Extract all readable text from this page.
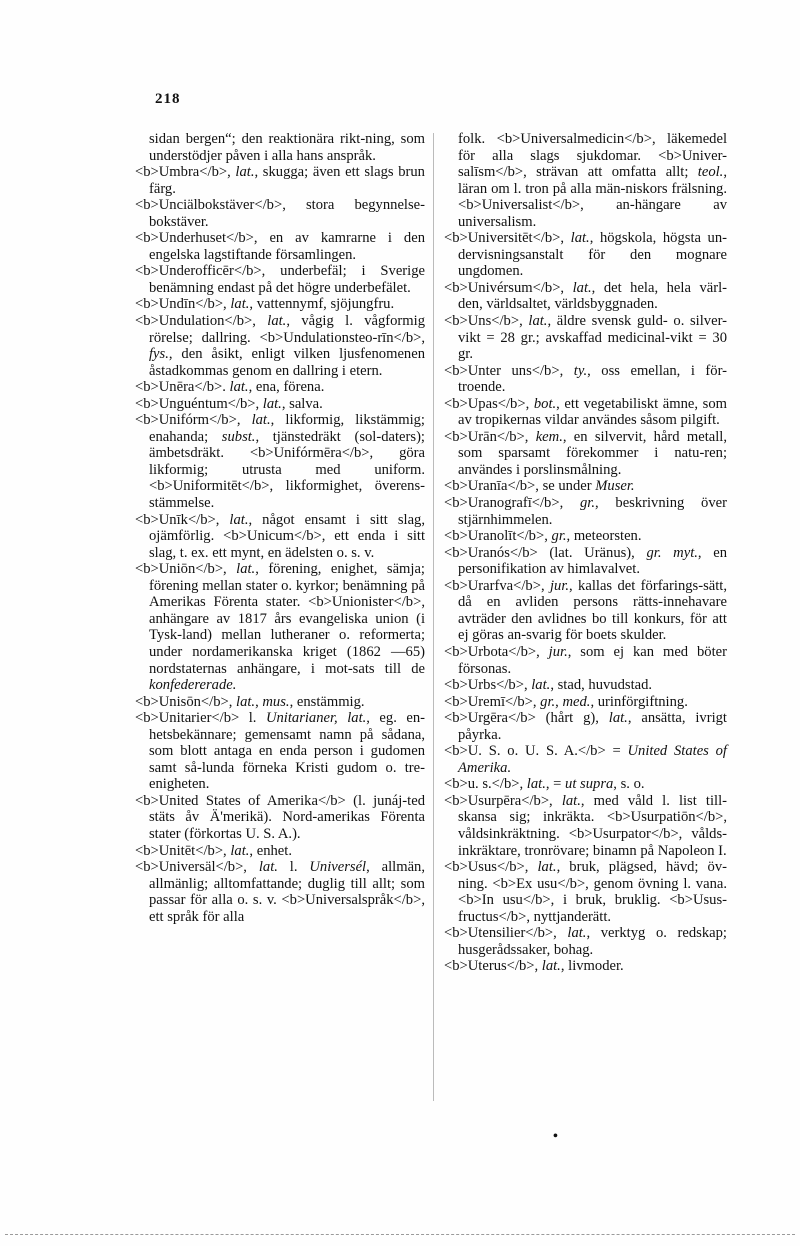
218
sidan bergen“; den reaktionära rikt-ning, som understödjer påven i alla hans anspråk.
<b>Umbra</b>, lat., skugga; även ett slags brun färg.
<b>Unciälbokstäver</b>, stora begynnelse-bokstäver.
<b>Underhuset</b>, en av kamrarne i den engelska lagstiftande församlingen.
<b>Underofficēr</b>, underbefäl; i Sverige benämning endast på det högre underbefälet.
<b>Undīn</b>, lat., vattennymf, sjöjungfru.
<b>Undulation</b>, lat., vågig l. vågformig rörelse; dallring. <b>Undulationsteo-rīn</b>, fys., den åsikt, enligt vilken ljusfenomenen åstadkommas genom en dallring i etern.
<b>Unēra</b>. lat., ena, förena.
<b>Unguéntum</b>, lat., salva.
<b>Unifórm</b>, lat., likformig, likstämmig; enahanda; subst., tjänstedräkt (sol-daters); ämbetsdräkt. <b>Unifórmēra</b>, göra likformig; utrusta med uniform. <b>Uniformitēt</b>, likformighet, överens-stämmelse.
<b>Unīk</b>, lat., något ensamt i sitt slag, ojämförlig. <b>Unicum</b>, ett enda i sitt slag, t. ex. ett mynt, en ädelsten o. s. v.
<b>Uniōn</b>, lat., förening, enighet, sämja; förening mellan stater o. kyrkor; benämning på Amerikas Förenta stater. <b>Unionister</b>, anhängare av 1817 års evangeliska union (i Tysk-land) mellan lutheraner o. reformerta; under nordamerikanska kriget (1862 —65) nordstaternas anhängare, i mot-sats till de konfedererade.
<b>Unisōn</b>, lat., mus., enstämmig.
<b>Unitarier</b> l. Unitarianer, lat., eg. en-hetsbekännare; gemensamt namn på sådana, som blott antaga en enda person i gudomen samt så-lunda förneka Kristi gudom o. tre-enigheten.
<b>United States of Amerika</b> (l. junáj-ted stäts åv Ä'merikä). Nord-amerikas Förenta stater (förkortas U. S. A.).
<b>Unitēt</b>, lat., enhet.
<b>Universäl</b>, lat. l. Universél, allmän, allmänlig; alltomfattande; duglig till allt; som passar för alla o. s. v. <b>Universalspråk</b>, ett språk för alla
folk. <b>Universalmedicin</b>, läkemedel för alla slags sjukdomar. <b>Univer-salīsm</b>, strävan att omfatta allt; teol., läran om l. tron på alla män-niskors frälsning. <b>Universalist</b>, an-hängare av universalism.
<b>Universitēt</b>, lat., högskola, högsta un-dervisningsanstalt för den mognare ungdomen.
<b>Univérsum</b>, lat., det hela, hela värl-den, världsaltet, världsbyggnaden.
<b>Uns</b>, lat., äldre svensk guld- o. silver-vikt = 28 gr.; avskaffad medicinal-vikt = 30 gr.
<b>Unter uns</b>, ty., oss emellan, i för-troende.
<b>Upas</b>, bot., ett vegetabiliskt ämne, som av tropikernas vildar användes såsom pilgift.
<b>Urān</b>, kem., en silvervit, hård metall, som sparsamt förekommer i natu-ren; användes i porslinsmålning.
<b>Uranīa</b>, se under Muser.
<b>Uranografī</b>, gr., beskrivning över stjärnhimmelen.
<b>Uranolīt</b>, gr., meteorsten.
<b>Uranós</b> (lat. Uränus), gr. myt., en personifikation av himlavalvet.
<b>Urarfva</b>, jur., kallas det förfarings-sätt, då en avliden persons rätts-innehavare avträder den avlidnes bo till konkurs, för att ej göras an-svarig för boets skulder.
<b>Urbota</b>, jur., som ej kan med böter försonas.
<b>Urbs</b>, lat., stad, huvudstad.
<b>Uremī</b>, gr., med., urinförgiftning.
<b>Urgēra</b> (hårt g), lat., ansätta, ivrigt påyrka.
<b>U. S. o. U. S. A.</b> = United States of Amerika.
<b>u. s.</b>, lat., = ut supra, s. o.
<b>Usurpēra</b>, lat., med våld l. list till-skansa sig; inkräkta. <b>Usurpatiōn</b>, våldsinkräktning. <b>Usurpator</b>, vålds-inkräktare, tronrövare; binamn på Napoleon I.
<b>Usus</b>, lat., bruk, plägsed, hävd; öv-ning. <b>Ex usu</b>, genom övning l. vana. <b>In usu</b>, i bruk, bruklig. <b>Usus-fructus</b>, nyttjanderätt.
<b>Utensilier</b>, lat., verktyg o. redskap; husgerådssaker, bohag.
<b>Uterus</b>, lat., livmoder.
•
